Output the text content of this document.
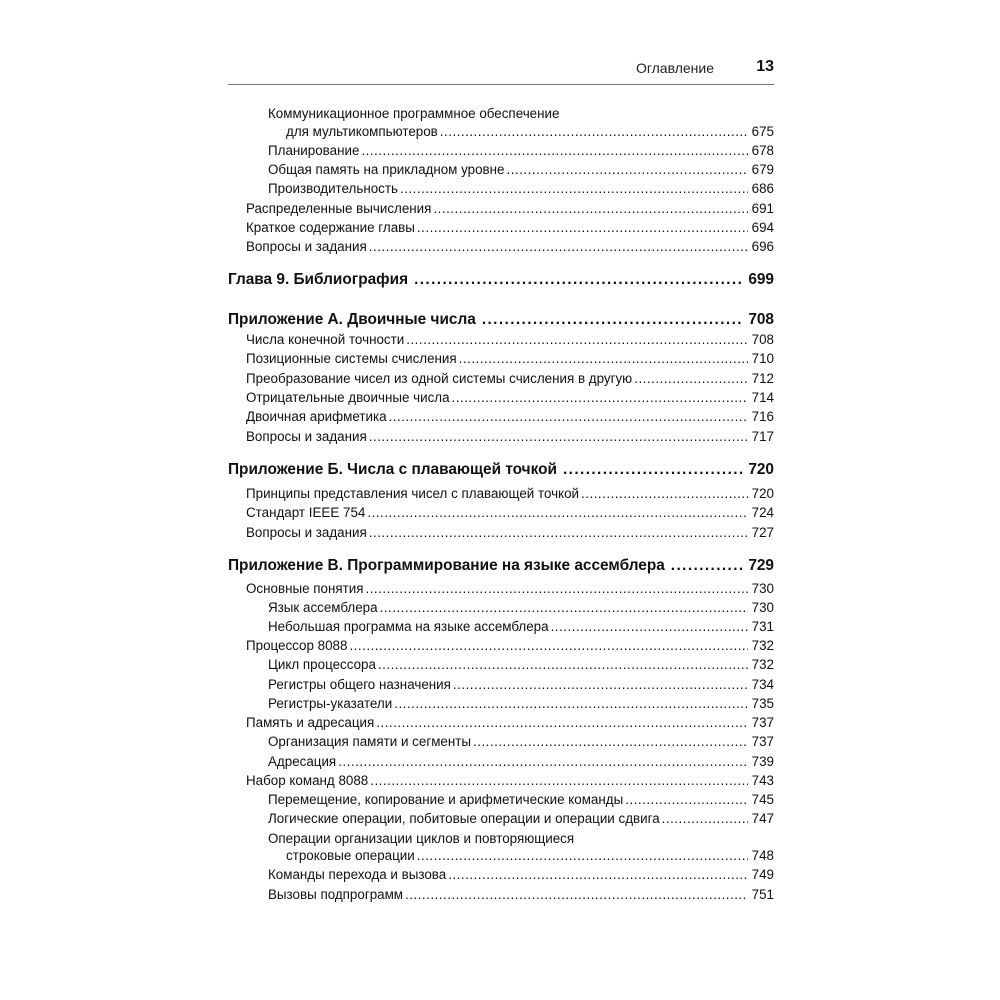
Оглавление	13
Коммуникационное программное обеспечение
для мультикомпьютеров .....	675
Планирование .....	678
Общая память на прикладном уровне .....	679
Производительность .....	686
Распределенные вычисления .....	691
Краткое содержание главы .....	694
Вопросы и задания .....	696
Глава 9. Библиография .....	699
Приложение А. Двоичные числа .....	708
Числа конечной точности .....	708
Позиционные системы счисления .....	710
Преобразование чисел из одной системы счисления в другую .....	712
Отрицательные двоичные числа .....	714
Двоичная арифметика .....	716
Вопросы и задания .....	717
Приложение Б. Числа с плавающей точкой .....	720
Принципы представления чисел с плавающей точкой .....	720
Стандарт IEEE 754 .....	724
Вопросы и задания .....	727
Приложение В. Программирование на языке ассемблера .....	729
Основные понятия .....	730
Язык ассемблера .....	730
Небольшая программа на языке ассемблера .....	731
Процессор 8088 .....	732
Цикл процессора .....	732
Регистры общего назначения .....	734
Регистры-указатели .....	735
Память и адресация .....	737
Организация памяти и сегменты .....	737
Адресация .....	739
Набор команд 8088 .....	743
Перемещение, копирование и арифметические команды .....	745
Логические операции, побитовые операции и операции сдвига .....	747
Операции организации циклов и повторяющиеся
строковые операции .....	748
Команды перехода и вызова .....	749
Вызовы подпрограмм .....	751
